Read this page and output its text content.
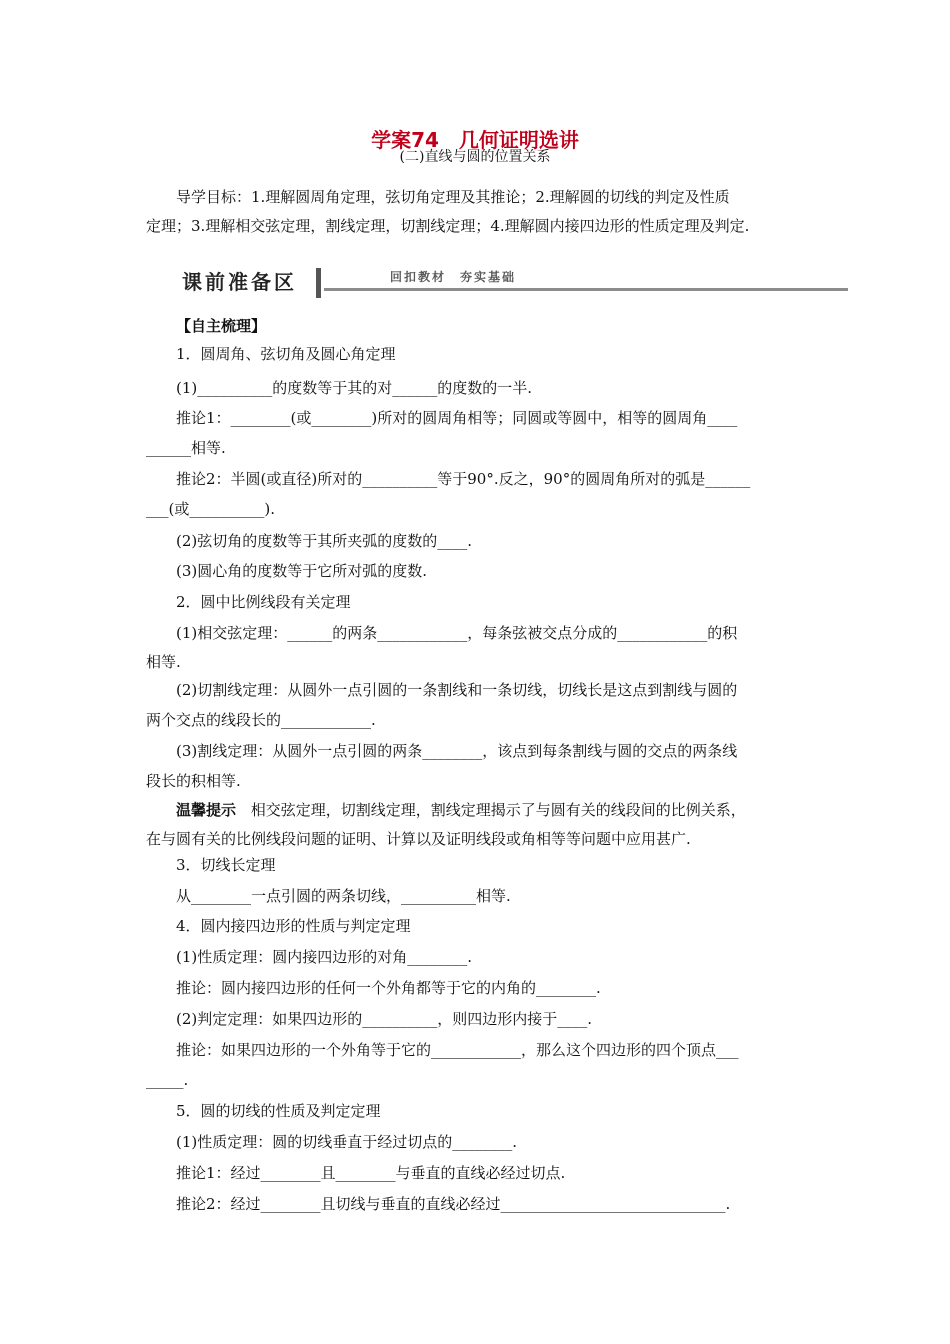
学案74　几何证明选讲
(二)直线与圆的位置关系
导学目标：1.理解圆周角定理，弦切角定理及其推论；2.理解圆的切线的判定及性质
定理；3.理解相交弦定理，割线定理，切割线定理；4.理解圆内接四边形的性质定理及判定.
课前准备区	回扣教材　夯实基础
【自主梳理】
1．圆周角、弦切角及圆心角定理
(1)__________的度数等于其的对______的度数的一半.
推论1：________(或________)所对的圆周角相等；同圆或等圆中，相等的圆周角____
______相等.
推论2：半圆(或直径)所对的__________等于90°.反之，90°的圆周角所对的弧是______
___(或__________).
(2)弦切角的度数等于其所夹弧的度数的____.
(3)圆心角的度数等于它所对弧的度数.
2．圆中比例线段有关定理
(1)相交弦定理：______的两条____________，每条弦被交点分成的____________的积
相等.
(2)切割线定理：从圆外一点引圆的一条割线和一条切线，切线长是这点到割线与圆的
两个交点的线段长的____________.
(3)割线定理：从圆外一点引圆的两条________，该点到每条割线与圆的交点的两条线
段长的积相等.
温馨提示 相交弦定理，切割线定理，割线定理揭示了与圆有关的线段间的比例关系，
在与圆有关的比例线段问题的证明、计算以及证明线段或角相等等问题中应用甚广.
3．切线长定理
从________一点引圆的两条切线，__________相等.
4．圆内接四边形的性质与判定定理
(1)性质定理：圆内接四边形的对角________.
推论：圆内接四边形的任何一个外角都等于它的内角的________.
(2)判定定理：如果四边形的__________，则四边形内接于____.
推论：如果四边形的一个外角等于它的____________，那么这个四边形的四个顶点___
_____.
5．圆的切线的性质及判定定理
(1)性质定理：圆的切线垂直于经过切点的________.
推论1：经过________且________与垂直的直线必经过切点.
推论2：经过________且切线与垂直的直线必经过______________________________.
